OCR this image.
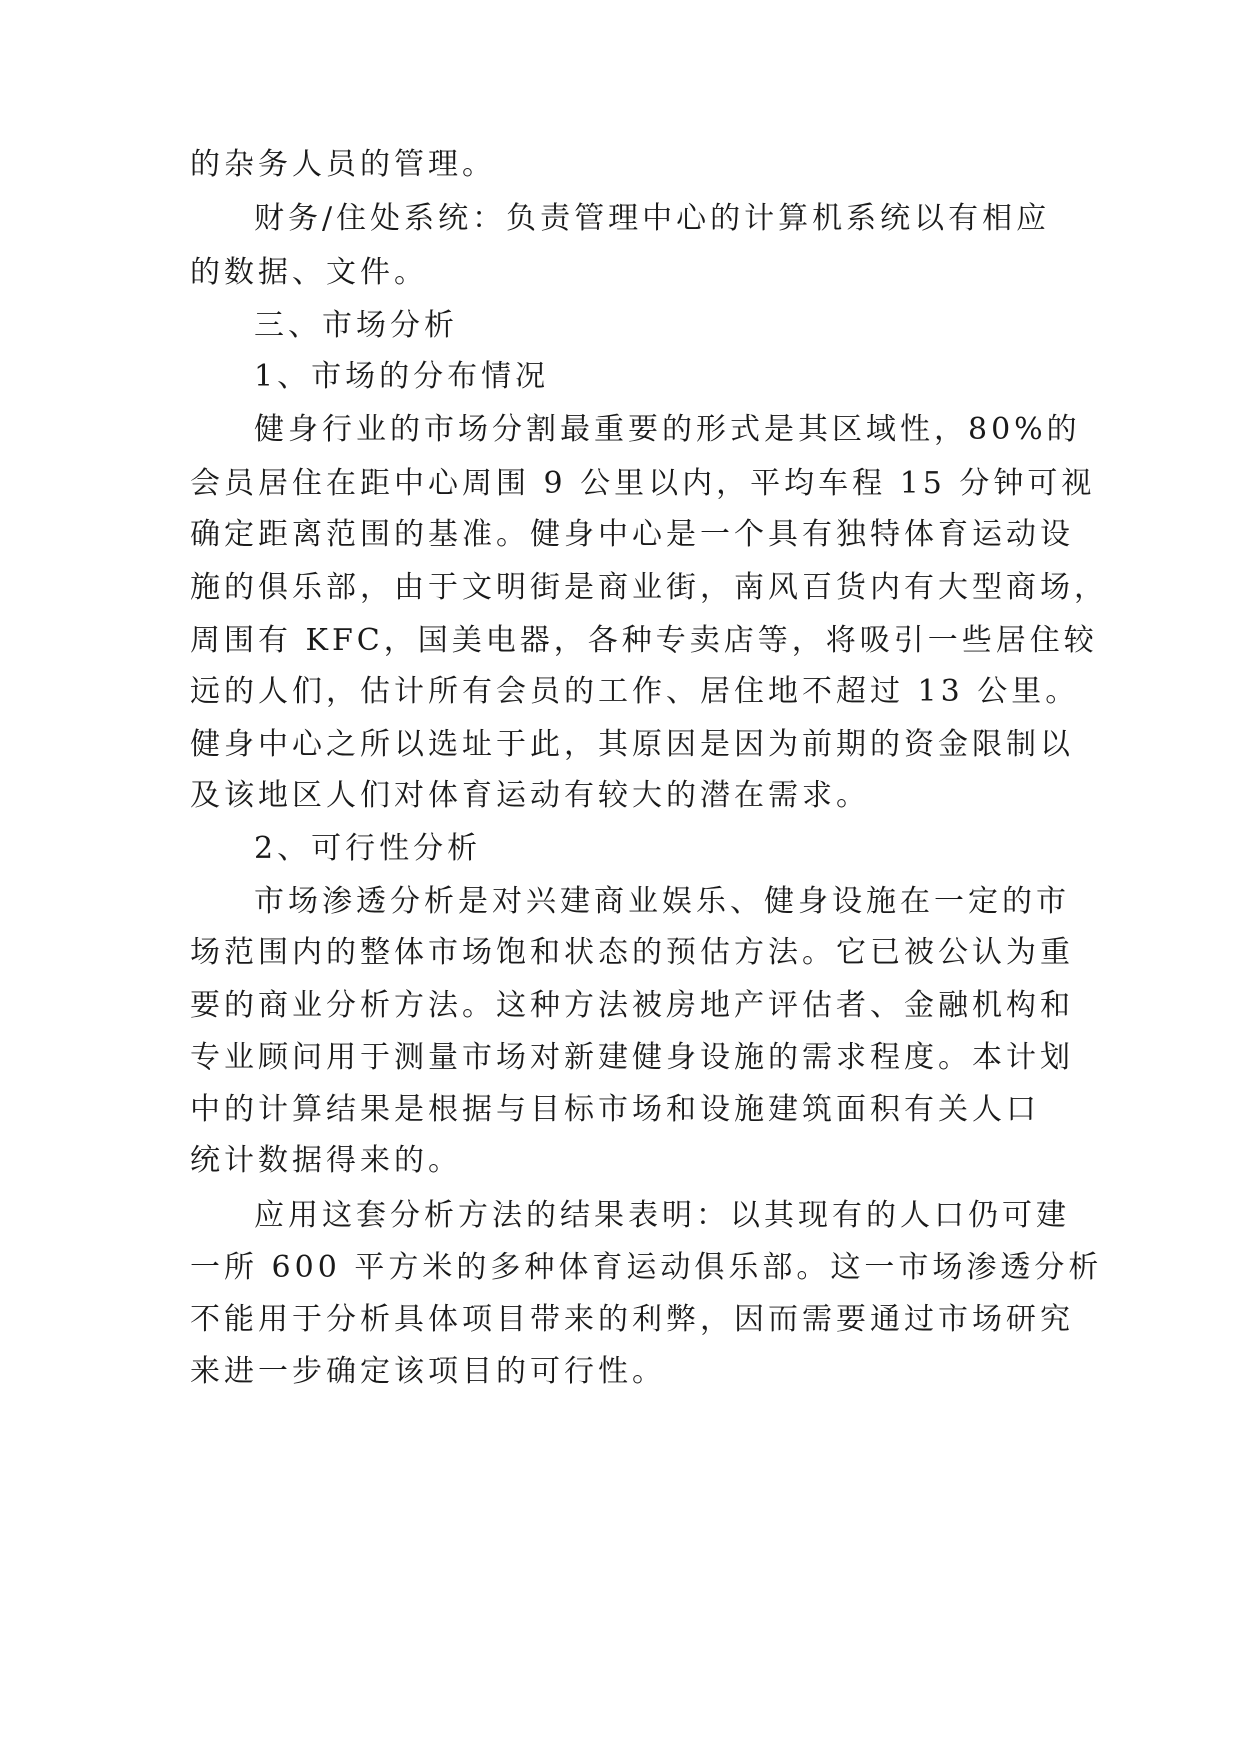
的杂务人员的管理。
财务/住处系统：负责管理中心的计算机系统以有相应
的数据、文件。
三、市场分析
1、市场的分布情况
健身行业的市场分割最重要的形式是其区域性，80%的
会员居住在距中心周围 9 公里以内，平均车程 15 分钟可视
确定距离范围的基准。健身中心是一个具有独特体育运动设
施的俱乐部，由于文明街是商业街，南风百货内有大型商场，
周围有 KFC，国美电器，各种专卖店等，将吸引一些居住较
远的人们，估计所有会员的工作、居住地不超过 13 公里。
健身中心之所以选址于此，其原因是因为前期的资金限制以
及该地区人们对体育运动有较大的潜在需求。
2、可行性分析
市场渗透分析是对兴建商业娱乐、健身设施在一定的市
场范围内的整体市场饱和状态的预估方法。它已被公认为重
要的商业分析方法。这种方法被房地产评估者、金融机构和
专业顾问用于测量市场对新建健身设施的需求程度。本计划
中的计算结果是根据与目标市场和设施建筑面积有关人口
统计数据得来的。
应用这套分析方法的结果表明：以其现有的人口仍可建
一所 600 平方米的多种体育运动俱乐部。这一市场渗透分析
不能用于分析具体项目带来的利弊，因而需要通过市场研究
来进一步确定该项目的可行性。
